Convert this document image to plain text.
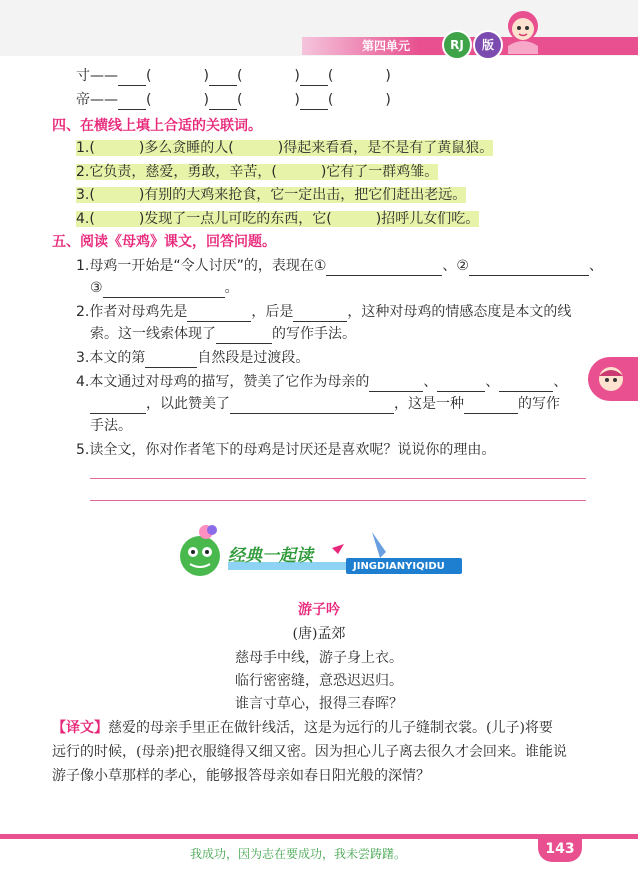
第四单元	RJ	版
寸—— (	) (	) (	)
帝—— (	) (	) (	)
四、在横线上填上合适的关联词。
1.(	)多么贪睡的人(	)得起来看看，是不是有了黄鼠狼。
2.它负责，慈爱，勇敢，辛苦，(	)它有了一群鸡雏。
3.(	)有别的大鸡来抢食，它一定出击，把它们赶出老远。
4.(	)发现了一点儿可吃的东西，它(	)招呼儿女们吃。
五、阅读《母鸡》课文，回答问题。
1.母鸡一开始是“令人讨厌”的，表现在①	、②	、
③	。
2.作者对母鸡先是	，后是	，这种对母鸡的情感态度是本文的线
索。这一线索体现了	的写作手法。
3.本文的第	自然段是过渡段。
4.本文通过对母鸡的描写，赞美了它作为母亲的	、	、	、
，以此赞美了	，这是一种	的写作
手法。
5.读全文，你对作者笔下的母鸡是讨厌还是喜欢呢？说说你的理由。
经典一起读
JINGDIANYIQIDU
游子吟
(唐)孟郊
慈母手中线，游子身上衣。
临行密密缝，意恐迟迟归。
谁言寸草心，报得三春晖？
【译文】慈爱的母亲手里正在做针线活，这是为远行的儿子缝制衣裳。(儿子)将要
远行的时候，(母亲)把衣服缝得又细又密。因为担心儿子离去很久才会回来。谁能说
游子像小草那样的孝心，能够报答母亲如春日阳光般的深情？
我成功，因为志在要成功，我未尝踌躇。	143
